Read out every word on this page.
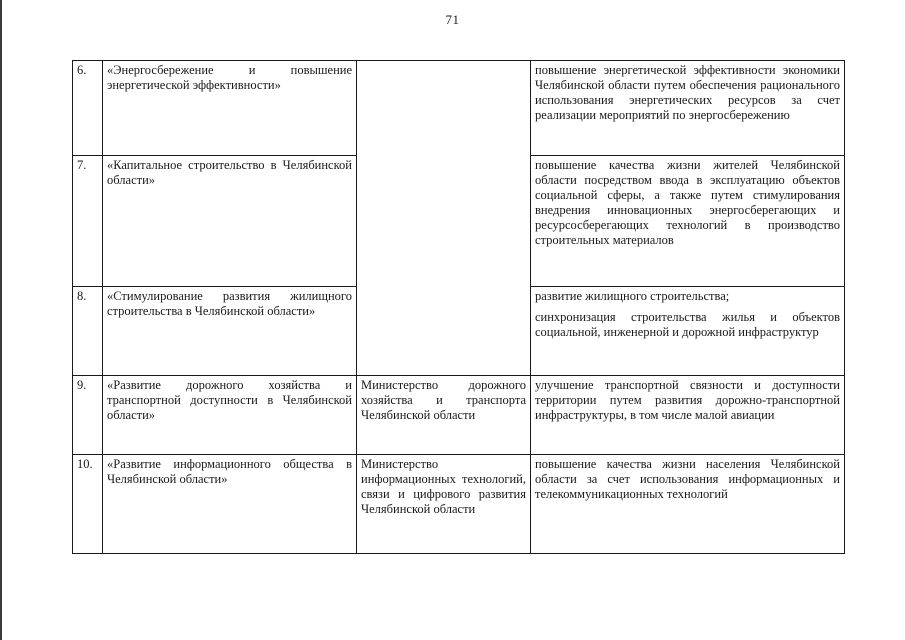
71
6.	«Энергосбережение и повышение энергетической эффективности»		повышение энергетической эффективности экономики Челябинской области путем обеспечения рационального использования энергетических ресурсов за счет реализации мероприятий по энергосбережению

7.	«Капитальное строительство в Челябинской области»		повышение качества жизни жителей Челябинской области посредством ввода в эксплуатацию объектов социальной сферы, а также путем стимулирования внедрения инновационных энергосберегающих и ресурсосберегающих технологий в производство строительных материалов

8.	«Стимулирование развития жилищного строительства в Челябинской области»		развитие жилищного строительства;
синхронизация строительства жилья и объектов социальной, инженерной и дорожной инфраструктур

9.	«Развитие дорожного хозяйства и транспортной доступности в Челябинской области»	Министерство дорожного хозяйства и транспорта Челябинской области	улучшение транспортной связности и доступности территории путем развития дорожно-транспортной инфраструктуры, в том числе малой авиации

10.	«Развитие информационного общества в Челябинской области»	Министерство информационных технологий, связи и цифрового развития Челябинской области	повышение качества жизни населения Челябинской области за счет использования информационных и телекоммуникационных технологий
